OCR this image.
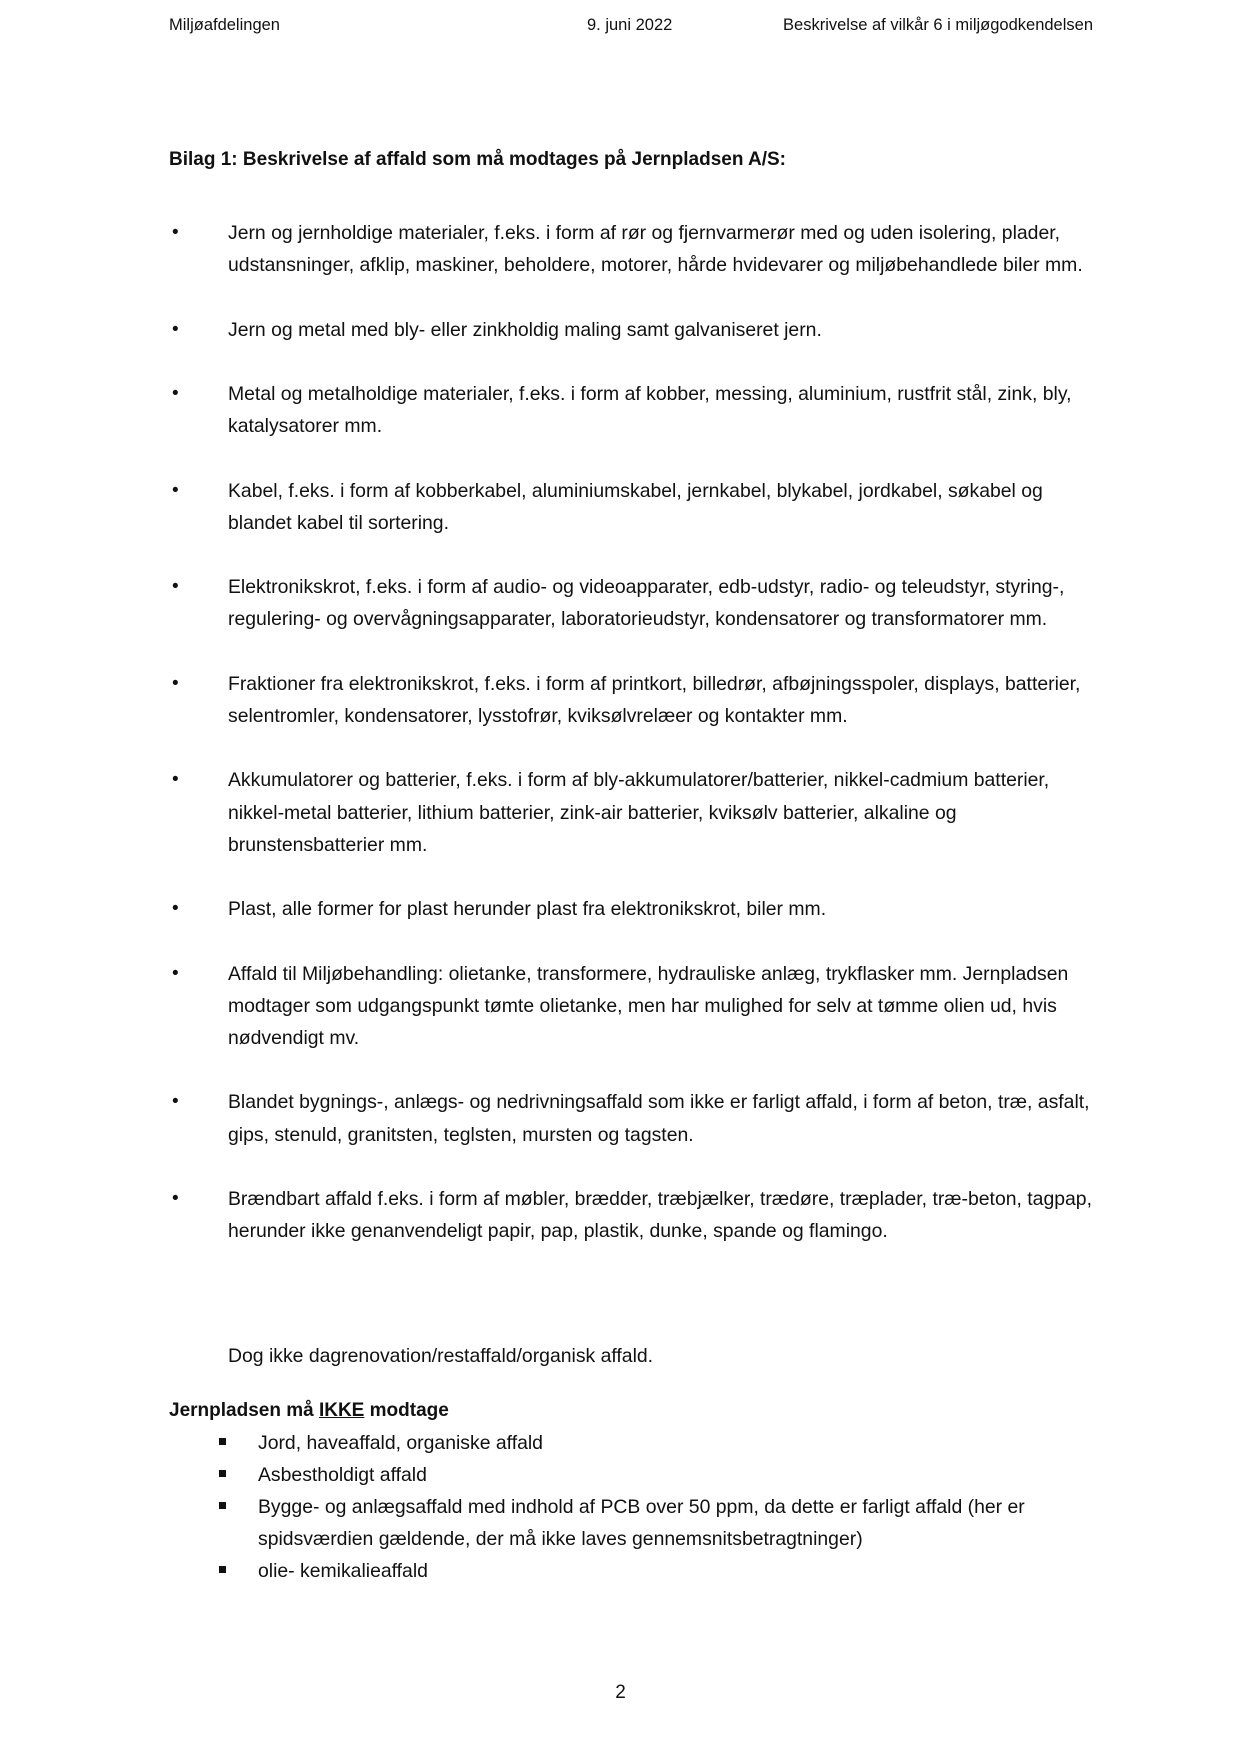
Miljøafdelingen	9. juni 2022	Beskrivelse af vilkår 6 i miljøgodkendelsen
Bilag 1: Beskrivelse af affald som må modtages på Jernpladsen A/S:
•	Jern og jernholdige materialer, f.eks. i form af rør og fjernvarmerør med og uden isolering, plader, udstansninger, afklip, maskiner, beholdere, motorer, hårde hvidevarer og miljøbehandlede biler mm.
•	Jern og metal med bly- eller zinkholdig maling samt galvaniseret jern.
•	Metal og metalholdige materialer, f.eks. i form af kobber, messing, aluminium, rustfrit stål, zink, bly, katalysatorer mm.
•	Kabel, f.eks. i form af kobberkabel, aluminiumskabel, jernkabel, blykabel, jordkabel, søkabel og blandet kabel til sortering.
•	Elektronikskrot, f.eks. i form af audio- og videoapparater, edb-udstyr, radio- og teleudstyr, styring-, regulering- og overvågningsapparater, laboratorieudstyr, kondensatorer og transformatorer mm.
•	Fraktioner fra elektronikskrot, f.eks. i form af printkort, billedrør, afbøjningsspoler, displays, batterier, selentromler, kondensatorer, lysstofrør, kviksølvrelæer og kontakter mm.
•	Akkumulatorer og batterier, f.eks. i form af bly-akkumulatorer/batterier, nikkel-cadmium batterier, nikkel-metal batterier, lithium batterier, zink-air batterier, kviksølv batterier, alkaline og brunstensbatterier mm.
•	Plast, alle former for plast herunder plast fra elektronikskrot, biler mm.
•	Affald til Miljøbehandling: olietanke, transformere, hydrauliske anlæg, trykflasker mm. Jernpladsen modtager som udgangspunkt tømte olietanke, men har mulighed for selv at tømme olien ud, hvis nødvendigt mv.
•	Blandet bygnings-, anlægs- og nedrivningsaffald som ikke er farligt affald, i form af beton, træ, asfalt, gips, stenuld, granitsten, teglsten, mursten og tagsten.
•	Brændbart affald f.eks. i form af møbler, brædder, træbjælker, trædøre, træplader, træ-beton, tagpap, herunder ikke genanvendeligt papir, pap, plastik, dunke, spande og flamingo.
Dog ikke dagrenovation/restaffald/organisk affald.
Jernpladsen må IKKE modtage
Jord, haveaffald, organiske affald
Asbestholdigt affald
Bygge- og anlægsaffald med indhold af PCB over 50 ppm, da dette er farligt affald (her er spidsværdien gældende, der må ikke laves gennemsnitsbetragtninger)
olie- kemikalieaffald
2
